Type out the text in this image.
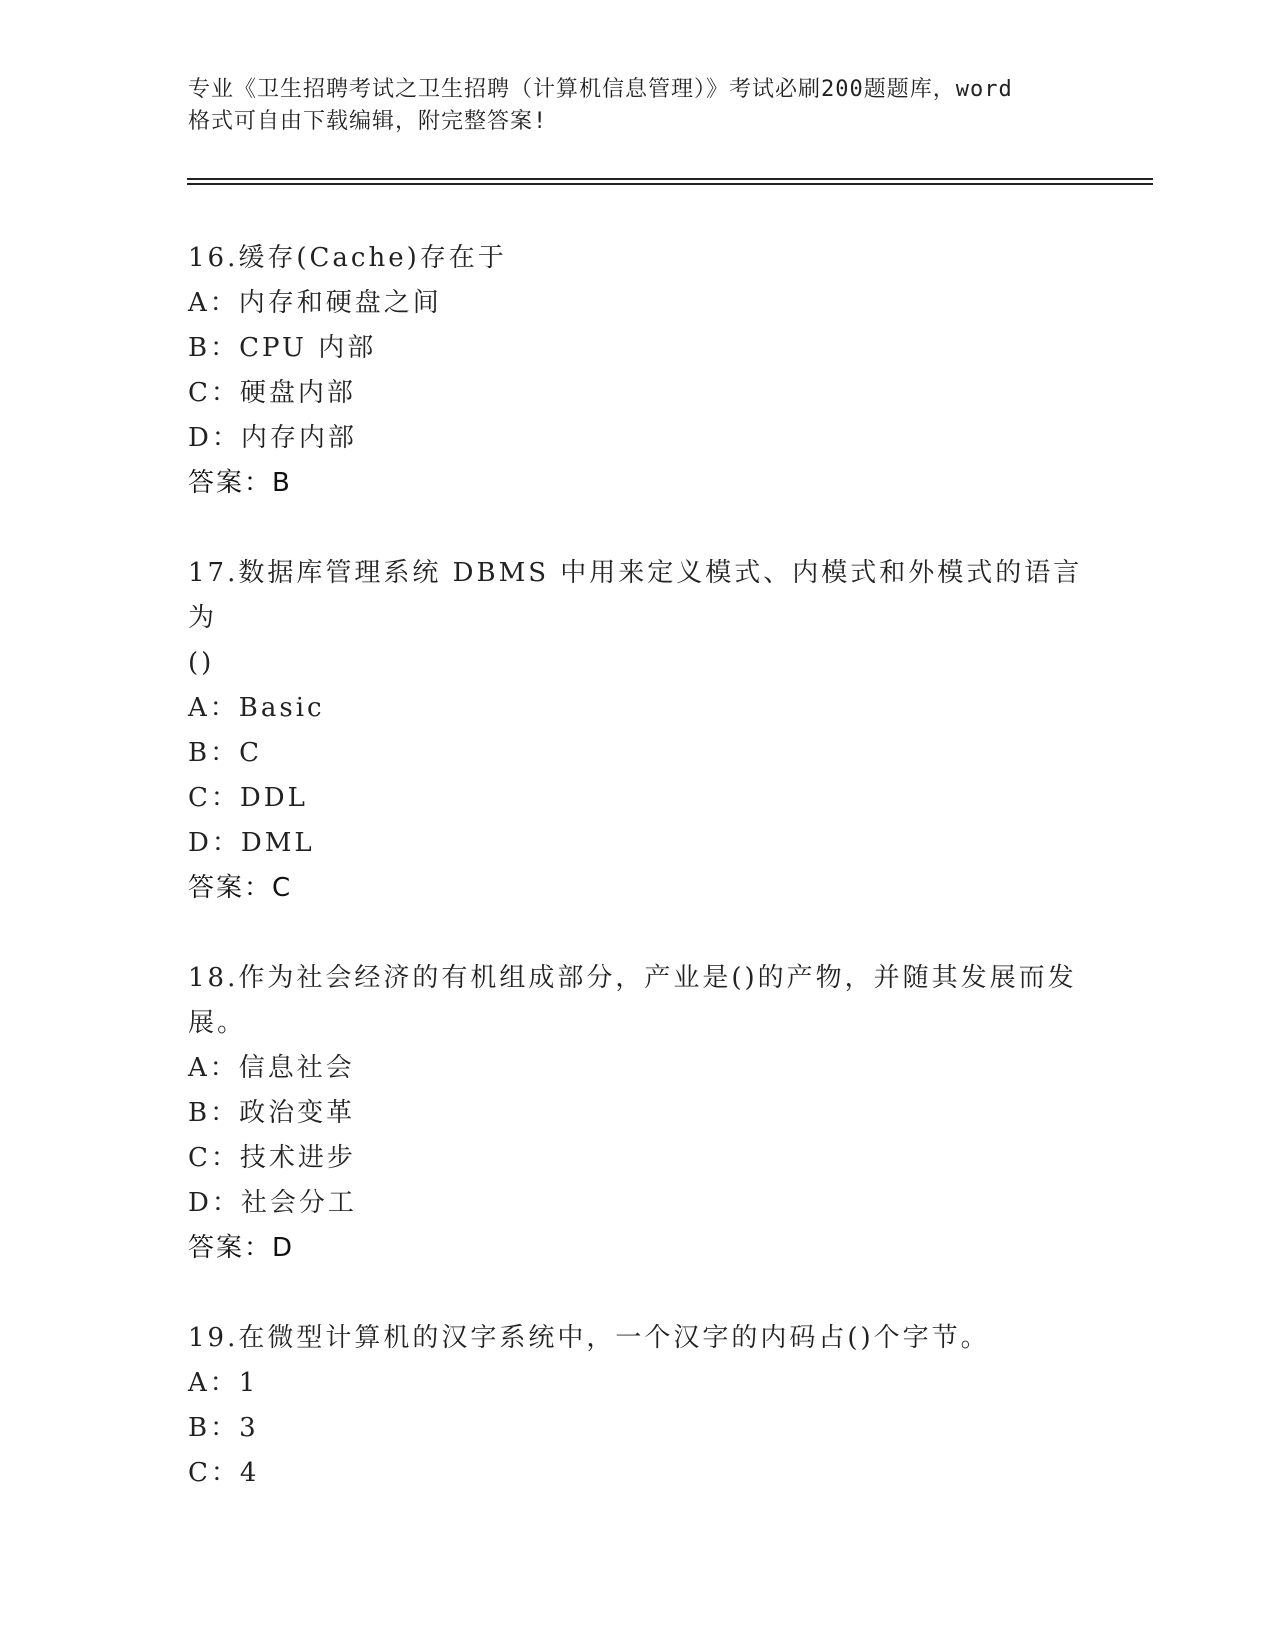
专业《卫生招聘考试之卫生招聘（计算机信息管理）》考试必刷200题题库，word
格式可自由下载编辑，附完整答案!

16.缓存(Cache)存在于

A：内存和硬盘之间

B：CPU 内部

C：硬盘内部

D：内存内部

答案：B

17.数据库管理系统 DBMS 中用来定义模式、内模式和外模式的语言为

()

A：Basic

B：C

C：DDL

D：DML

答案：C

18.作为社会经济的有机组成部分，产业是()的产物，并随其发展而发

展。

A：信息社会

B：政治变革

C：技术进步

D：社会分工

答案：D

19.在微型计算机的汉字系统中，一个汉字的内码占()个字节。

A：1

B：3

C：4
